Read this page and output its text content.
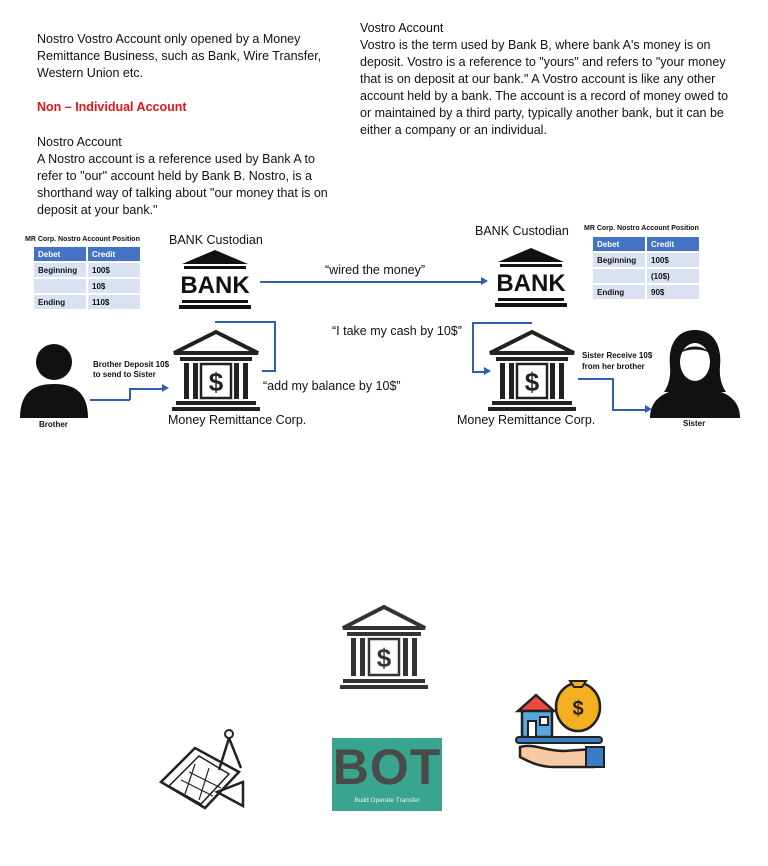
Nostro Vostro Account only opened by a Money Remittance Business, such as Bank, Wire Transfer, Western Union etc.
Non – Individual Account
Nostro Account
A Nostro account is a reference used by Bank A to refer to "our" account held by Bank B. Nostro, is a shorthand way of talking about "our money that is on deposit at your bank."
Vostro Account
Vostro is the term used by Bank B, where bank A's money is on deposit. Vostro is a reference to "yours" and refers to "your money that is on deposit at our bank." A Vostro account is like any other account held by a bank. The account is a record of money owed to or maintained by a third party, typically another bank, but it can be either a company or an individual.
MR Corp. Nostro Account Position
Debet	Credit
Beginning	100$
	10$
Ending	110$
MR Corp. Nostro Account Position
Debet	Credit
Beginning	100$
	(10$)
Ending	90$
BANK Custodian
BANK Custodian
BANK	BANK
“wired the money”
“I take my cash by 10$”
“add my balance by 10$”
$	$
Money Remittance Corp.	Money Remittance Corp.
Brother
Brother Deposit 10$ to send to Sister
Sister
Sister Receive 10$ from her brother
$
$
BOT
Build Operate Transfer
